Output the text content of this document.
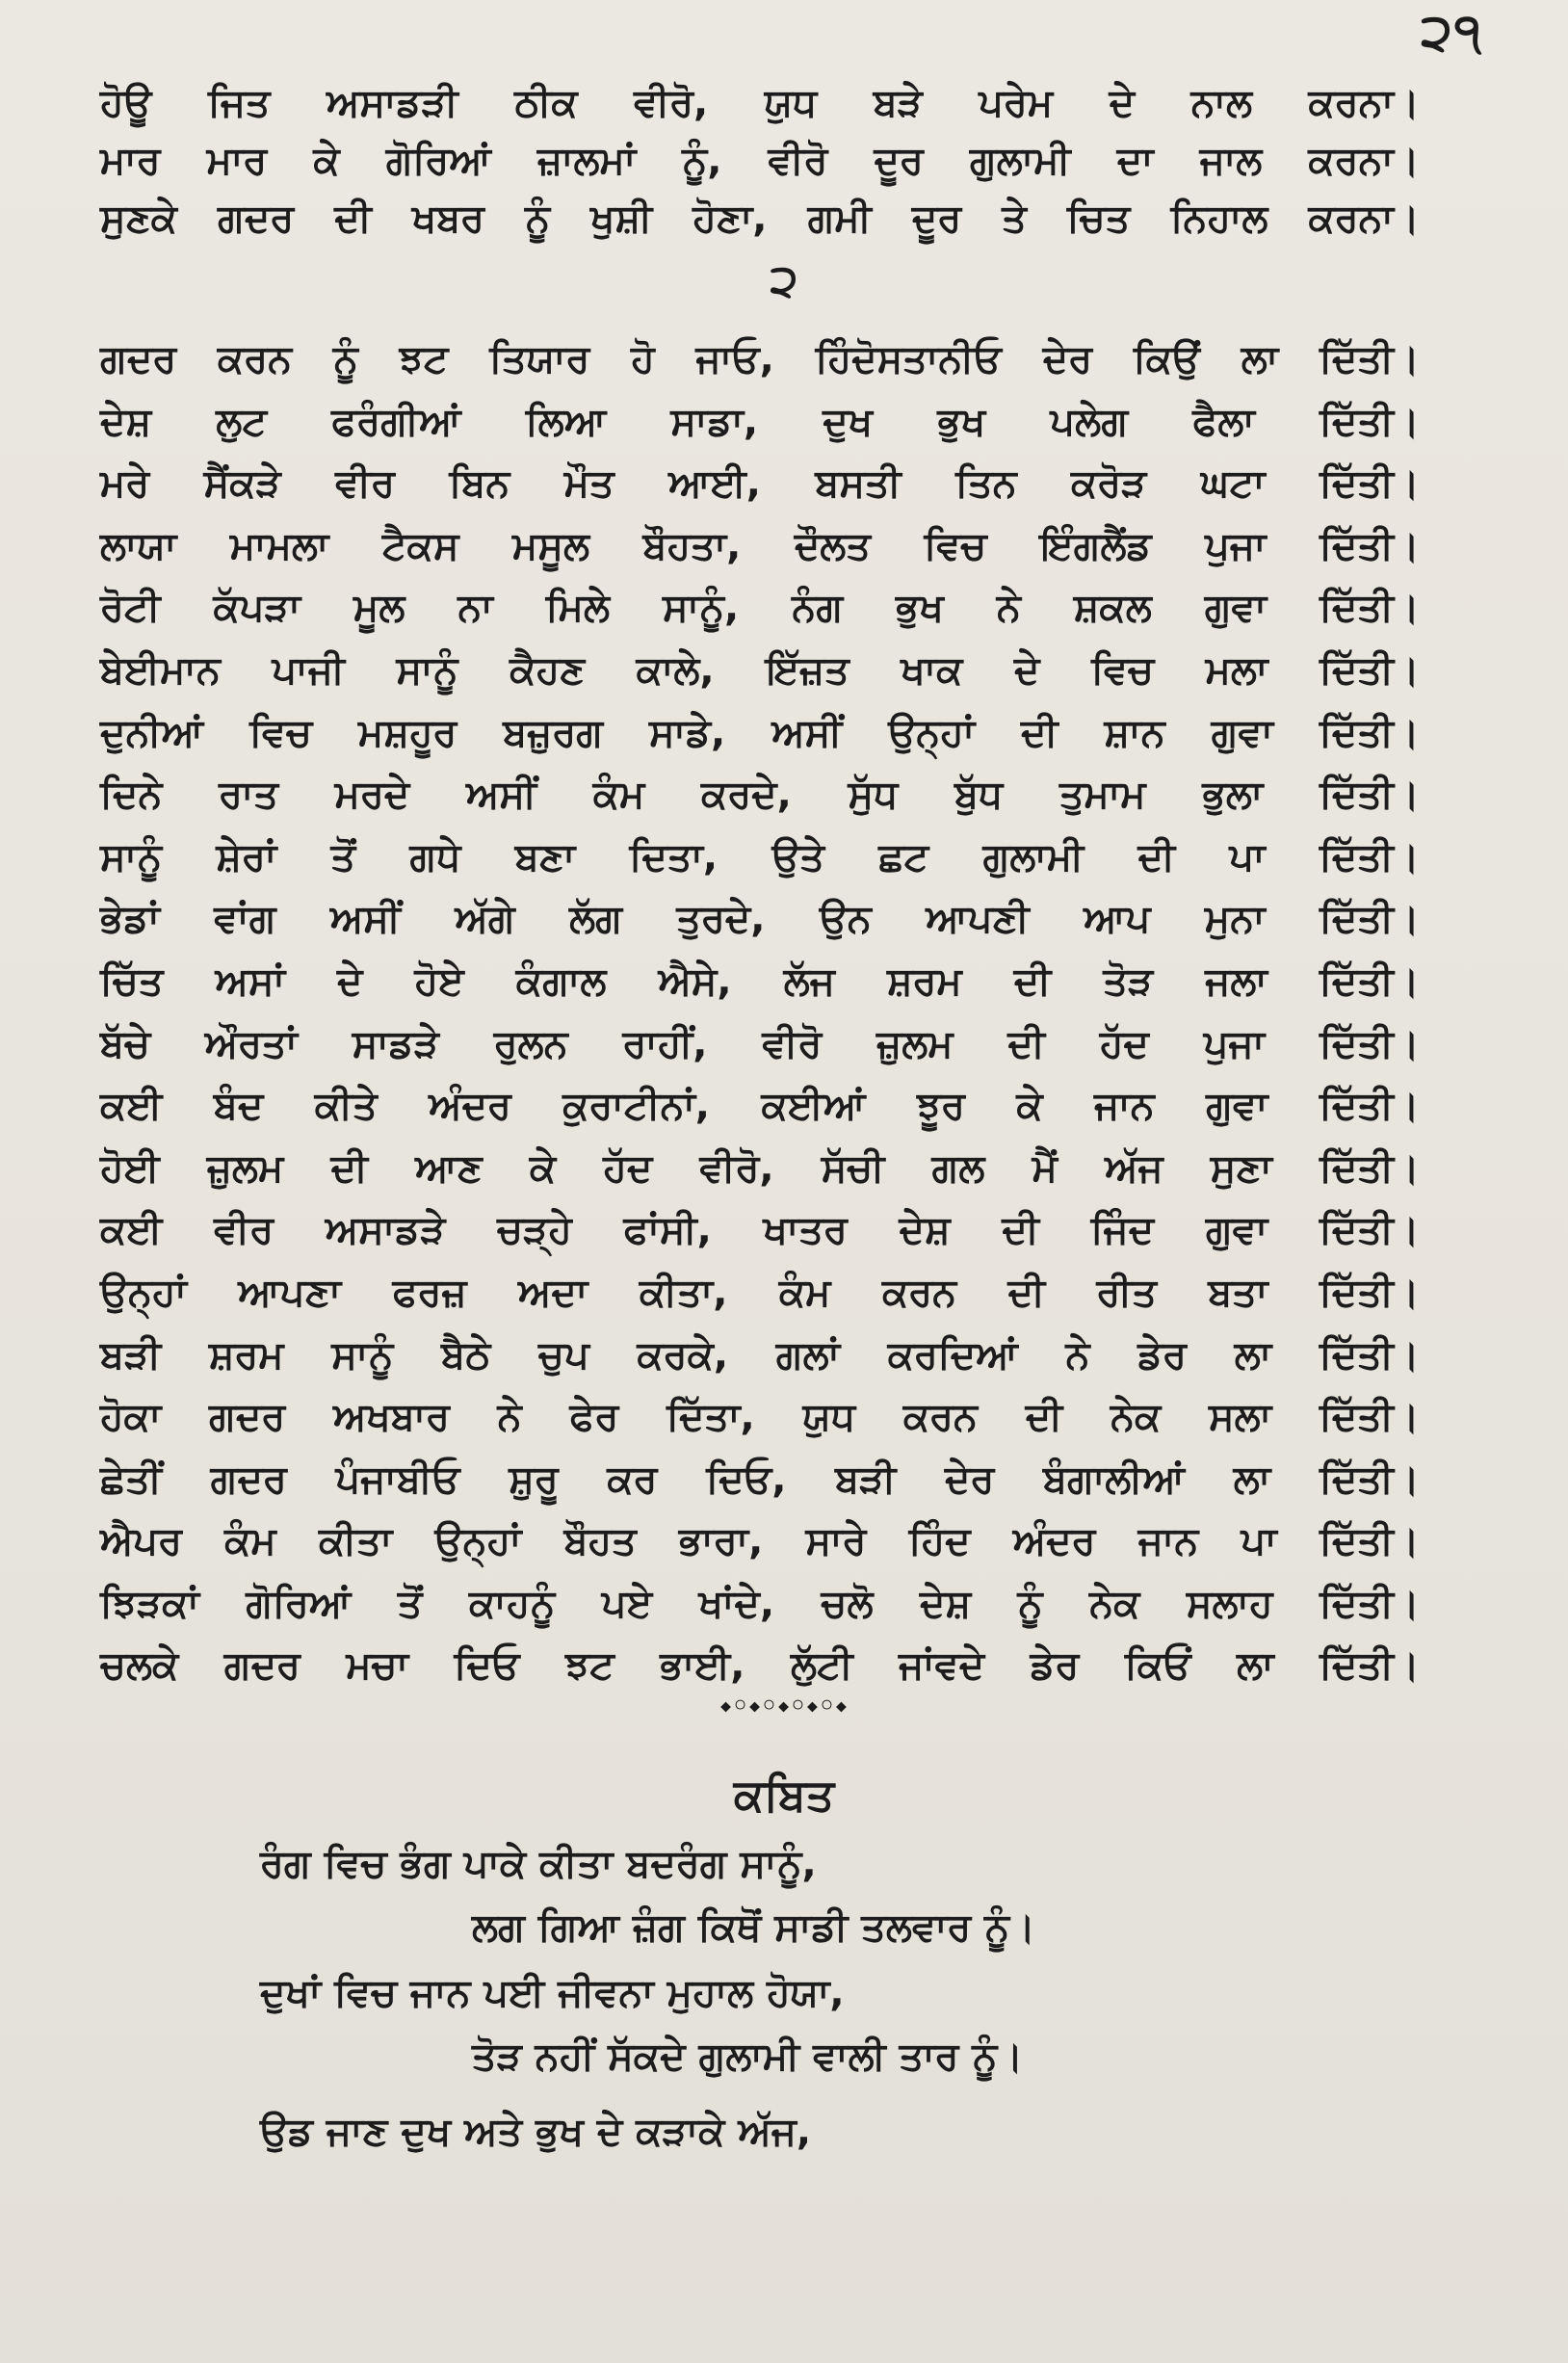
੨੧
ਹੋਊ ਜਿਤ ਅਸਾਡੜੀ ਠੀਕ ਵੀਰੋ, ਯੁਧ ਬੜੇ ਪਰੇਮ ਦੇ ਨਾਲ ਕਰਨਾ।
ਮਾਰ ਮਾਰ ਕੇ ਗੋਰਿਆਂ ਜ਼ਾਲਮਾਂ ਨੂੰ, ਵੀਰੋ ਦੂਰ ਗੁਲਾਮੀ ਦਾ ਜਾਲ ਕਰਨਾ।
ਸੁਣਕੇ ਗਦਰ ਦੀ ਖਬਰ ਨੂੰ ਖੁਸ਼ੀ ਹੋਣਾ, ਗਮੀ ਦੂਰ ਤੇ ਚਿਤ ਨਿਹਾਲ ਕਰਨਾ।
੨
ਗਦਰ ਕਰਨ ਨੂੰ ਝਟ ਤਿਯਾਰ ਹੋ ਜਾਓ, ਹਿੰਦੋਸਤਾਨੀਓ ਦੇਰ ਕਿਉਂ ਲਾ ਦਿੱਤੀ।
ਦੇਸ਼ ਲੁਟ ਫਰੰਗੀਆਂ ਲਿਆ ਸਾਡਾ, ਦੁਖ ਭੁਖ ਪਲੇਗ ਫੈਲਾ ਦਿੱਤੀ।
ਮਰੇ ਸੈਂਕੜੇ ਵੀਰ ਬਿਨ ਮੌਤ ਆਈ, ਬਸਤੀ ਤਿਨ ਕਰੋੜ ਘਟਾ ਦਿੱਤੀ।
ਲਾਯਾ ਮਾਮਲਾ ਟੈਕਸ ਮਸੂਲ ਬੌਹਤਾ, ਦੌਲਤ ਵਿਚ ਇੰਗਲੈਂਡ ਪੁਜਾ ਦਿੱਤੀ।
ਰੋਟੀ ਕੱਪੜਾ ਮੂਲ ਨਾ ਮਿਲੇ ਸਾਨੂੰ, ਨੰਗ ਭੁਖ ਨੇ ਸ਼ਕਲ ਗੁਵਾ ਦਿੱਤੀ।
ਬੇਈਮਾਨ ਪਾਜੀ ਸਾਨੂੰ ਕੈਹਣ ਕਾਲੇ, ਇੱਜ਼ਤ ਖਾਕ ਦੇ ਵਿਚ ਮਲਾ ਦਿੱਤੀ।
ਦੁਨੀਆਂ ਵਿਚ ਮਸ਼ਹੂਰ ਬਜ਼ੁਰਗ ਸਾਡੇ, ਅਸੀਂ ਉਨ੍ਹਾਂ ਦੀ ਸ਼ਾਨ ਗੁਵਾ ਦਿੱਤੀ।
ਦਿਨੇ ਰਾਤ ਮਰਦੇ ਅਸੀਂ ਕੰਮ ਕਰਦੇ, ਸੁੱਧ ਬੁੱਧ ਤੁਮਾਮ ਭੁਲਾ ਦਿੱਤੀ।
ਸਾਨੂੰ ਸ਼ੇਰਾਂ ਤੋਂ ਗਧੇ ਬਣਾ ਦਿਤਾ, ਉਤੇ ਛਟ ਗੁਲਾਮੀ ਦੀ ਪਾ ਦਿੱਤੀ।
ਭੇਡਾਂ ਵਾਂਗ ਅਸੀਂ ਅੱਗੇ ਲੱਗ ਤੁਰਦੇ, ਉਨ ਆਪਣੀ ਆਪ ਮੁਨਾ ਦਿੱਤੀ।
ਚਿੱਤ ਅਸਾਂ ਦੇ ਹੋਏ ਕੰਗਾਲ ਐਸੇ, ਲੱਜ ਸ਼ਰਮ ਦੀ ਤੋੜ ਜਲਾ ਦਿੱਤੀ।
ਬੱਚੇ ਔਰਤਾਂ ਸਾਡੜੇ ਰੁਲਨ ਰਾਹੀਂ, ਵੀਰੋ ਜ਼ੁਲਮ ਦੀ ਹੱਦ ਪੁਜਾ ਦਿੱਤੀ।
ਕਈ ਬੰਦ ਕੀਤੇ ਅੰਦਰ ਕੁਰਾਟੀਨਾਂ, ਕਈਆਂ ਝੂਰ ਕੇ ਜਾਨ ਗੁਵਾ ਦਿੱਤੀ।
ਹੋਈ ਜ਼ੁਲਮ ਦੀ ਆਣ ਕੇ ਹੱਦ ਵੀਰੋ, ਸੱਚੀ ਗਲ ਮੈਂ ਅੱਜ ਸੁਣਾ ਦਿੱਤੀ।
ਕਈ ਵੀਰ ਅਸਾਡੜੇ ਚੜ੍ਹੇ ਫਾਂਸੀ, ਖਾਤਰ ਦੇਸ਼ ਦੀ ਜਿੰਦ ਗੁਵਾ ਦਿੱਤੀ।
ਉਨ੍ਹਾਂ ਆਪਣਾ ਫਰਜ਼ ਅਦਾ ਕੀਤਾ, ਕੰਮ ਕਰਨ ਦੀ ਰੀਤ ਬਤਾ ਦਿੱਤੀ।
ਬੜੀ ਸ਼ਰਮ ਸਾਨੂੰ ਬੈਠੇ ਚੁਪ ਕਰਕੇ, ਗਲਾਂ ਕਰਦਿਆਂ ਨੇ ਡੇਰ ਲਾ ਦਿੱਤੀ।
ਹੋਕਾ ਗਦਰ ਅਖਬਾਰ ਨੇ ਫੇਰ ਦਿੱਤਾ, ਯੁਧ ਕਰਨ ਦੀ ਨੇਕ ਸਲਾ ਦਿੱਤੀ।
ਛੇਤੀਂ ਗਦਰ ਪੰਜਾਬੀਓ ਸ਼ੁਰੂ ਕਰ ਦਿਓ, ਬੜੀ ਦੇਰ ਬੰਗਾਲੀਆਂ ਲਾ ਦਿੱਤੀ।
ਐਪਰ ਕੰਮ ਕੀਤਾ ਉਨ੍ਹਾਂ ਬੌਹਤ ਭਾਰਾ, ਸਾਰੇ ਹਿੰਦ ਅੰਦਰ ਜਾਨ ਪਾ ਦਿੱਤੀ।
ਝਿੜਕਾਂ ਗੋਰਿਆਂ ਤੋਂ ਕਾਹਨੂੰ ਪਏ ਖਾਂਦੇ, ਚਲੋ ਦੇਸ਼ ਨੂੰ ਨੇਕ ਸਲਾਹ ਦਿੱਤੀ।
ਚਲਕੇ ਗਦਰ ਮਚਾ ਦਿਓ ਝਟ ਭਾਈ, ਲੁੱਟੀ ਜਾਂਵਦੇ ਡੇਰ ਕਿਓਂ ਲਾ ਦਿੱਤੀ।
⬩◦⬩◦⬩◦⬩◦⬩
ਕਬਿਤ
ਰੰਗ ਵਿਚ ਭੰਗ ਪਾਕੇ ਕੀਤਾ ਬਦਰੰਗ ਸਾਨੂੰ,
ਲਗ ਗਿਆ ਜ਼ੰਗ ਕਿਥੋਂ ਸਾਡੀ ਤਲਵਾਰ ਨੂੰ।
ਦੁਖਾਂ ਵਿਚ ਜਾਨ ਪਈ ਜੀਵਨਾ ਮੁਹਾਲ ਹੋਯਾ,
ਤੋੜ ਨਹੀਂ ਸੱਕਦੇ ਗੁਲਾਮੀ ਵਾਲੀ ਤਾਰ ਨੂੰ।
ਉਡ ਜਾਣ ਦੁਖ ਅਤੇ ਭੁਖ ਦੇ ਕੜਾਕੇ ਅੱਜ,
